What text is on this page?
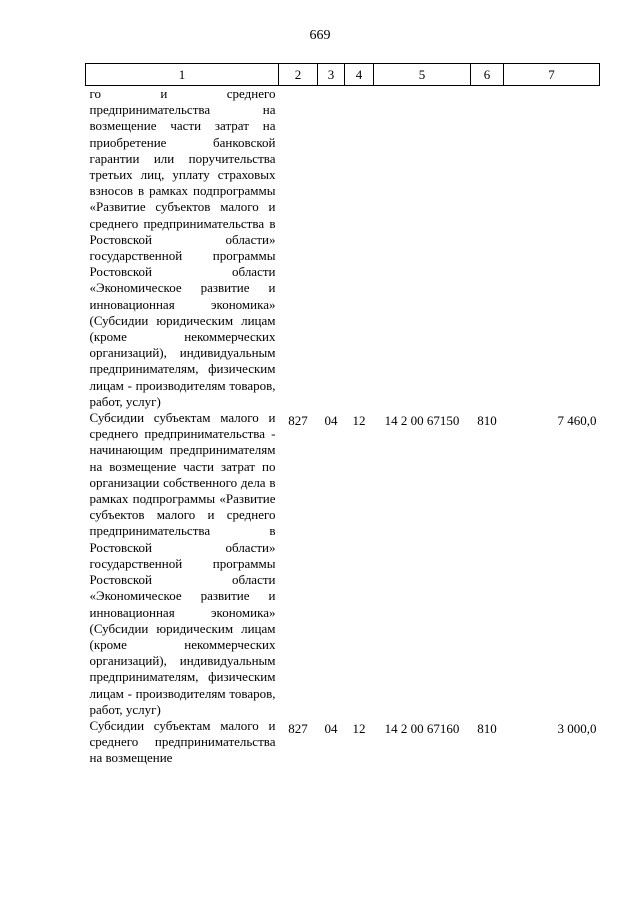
669
1	2	3	4	5	6	7
го и среднего предпринимательства на возмещение части затрат на приобретение банковской гарантии или поручительства третьих лиц, уплату страховых взносов в рамках подпрограммы «Развитие субъектов малого и среднего предпринимательства в Ростовской области» государственной программы Ростовской области «Экономическое развитие и инновационная экономика» (Субсидии юридическим лицам (кроме некоммерческих организаций), индивидуальным предпринимателям, физическим лицам - производителям товаров, работ, услуг)						
Субсидии субъектам малого и среднего предпринимательства - начинающим предпринимателям на возмещение части затрат по организации собственного дела в рамках подпрограммы «Развитие субъектов малого и среднего предпринимательства в Ростовской области» государственной программы Ростовской области «Экономическое развитие и инновационная экономика» (Субсидии юридическим лицам (кроме некоммерческих организаций), индивидуальным предпринимателям, физическим лицам - производителям товаров, работ, услуг)	827	04	12	14 2 00 67150	810	7 460,0
Субсидии субъектам малого и среднего предпринимательства на возмещение	827	04	12	14 2 00 67160	810	3 000,0
